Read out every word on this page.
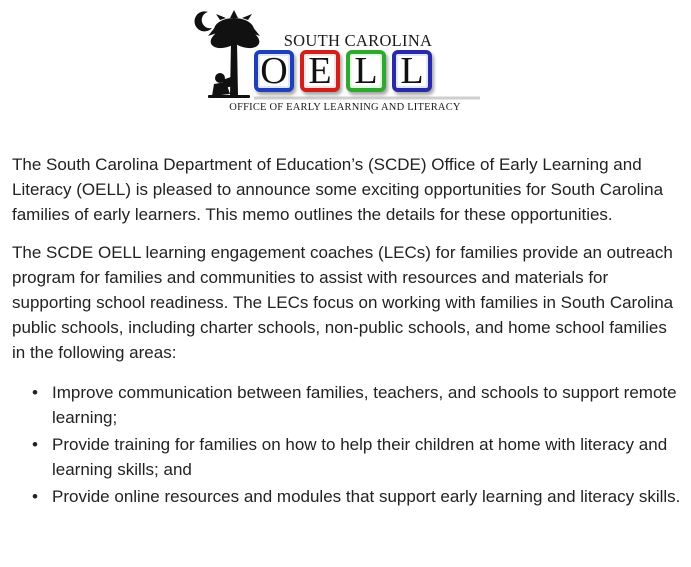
SOUTH CAROLINA
O E L L
OFFICE OF EARLY LEARNING AND LITERACY

The South Carolina Department of Education’s (SCDE) Office of Early Learning and Literacy (OELL) is pleased to announce some exciting opportunities for South Carolina families of early learners. This memo outlines the details for these opportunities.

The SCDE OELL learning engagement coaches (LECs) for families provide an outreach program for families and communities to assist with resources and materials for supporting school readiness. The LECs focus on working with families in South Carolina public schools, including charter schools, non-public schools, and home school families in the following areas:

• Improve communication between families, teachers, and schools to support remote learning;
• Provide training for families on how to help their children at home with literacy and learning skills; and
• Provide online resources and modules that support early learning and literacy skills.
